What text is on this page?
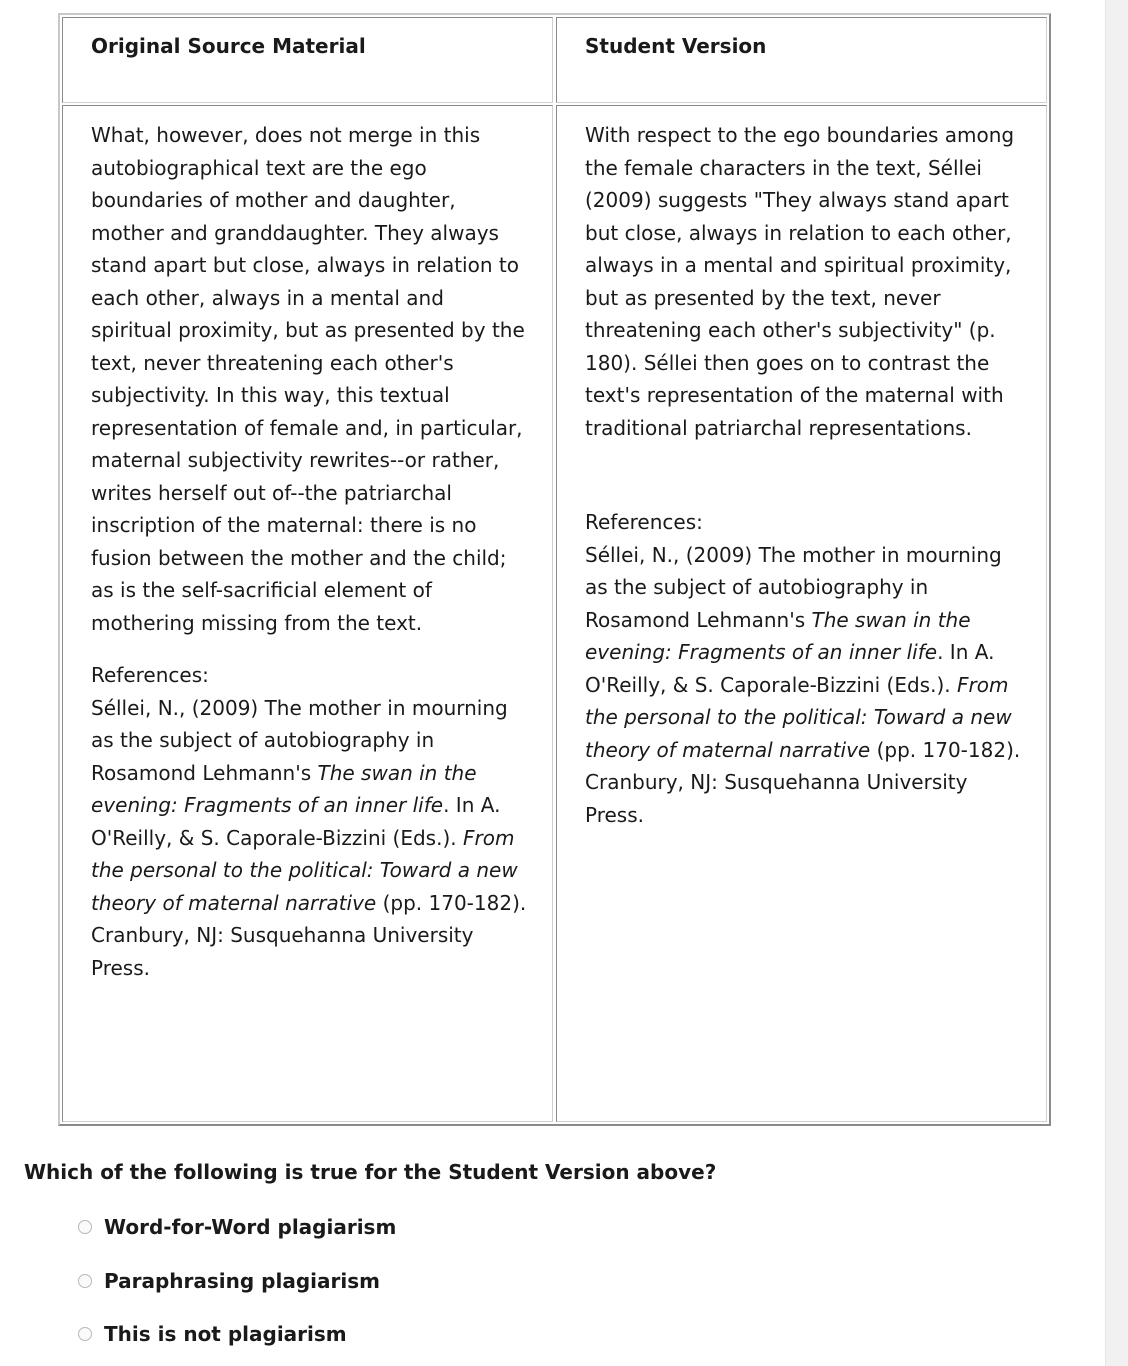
Original Source Material	Student Version

What, however, does not merge in this autobiographical text are the ego boundaries of mother and daughter, mother and granddaughter. They always stand apart but close, always in relation to each other, always in a mental and spiritual proximity, but as presented by the text, never threatening each other's subjectivity. In this way, this textual representation of female and, in particular, maternal subjectivity rewrites--or rather, writes herself out of--the patriarchal inscription of the maternal: there is no fusion between the mother and the child; as is the self-sacrificial element of mothering missing from the text.

References:

Séllei, N., (2009) The mother in mourning as the subject of autobiography in Rosamond Lehmann's The swan in the evening: Fragments of an inner life. In A. O'Reilly, & S. Caporale-Bizzini (Eds.). From the personal to the political: Toward a new theory of maternal narrative (pp. 170-182). Cranbury, NJ: Susquehanna University Press.

With respect to the ego boundaries among the female characters in the text, Séllei (2009) suggests "They always stand apart but close, always in relation to each other, always in a mental and spiritual proximity, but as presented by the text, never threatening each other's subjectivity" (p. 180). Séllei then goes on to contrast the text's representation of the maternal with traditional patriarchal representations.

References:

Séllei, N., (2009) The mother in mourning as the subject of autobiography in Rosamond Lehmann's The swan in the evening: Fragments of an inner life. In A. O'Reilly, & S. Caporale-Bizzini (Eds.). From the personal to the political: Toward a new theory of maternal narrative (pp. 170-182). Cranbury, NJ: Susquehanna University Press.

Which of the following is true for the Student Version above?
Word-for-Word plagiarism
Paraphrasing plagiarism
This is not plagiarism
